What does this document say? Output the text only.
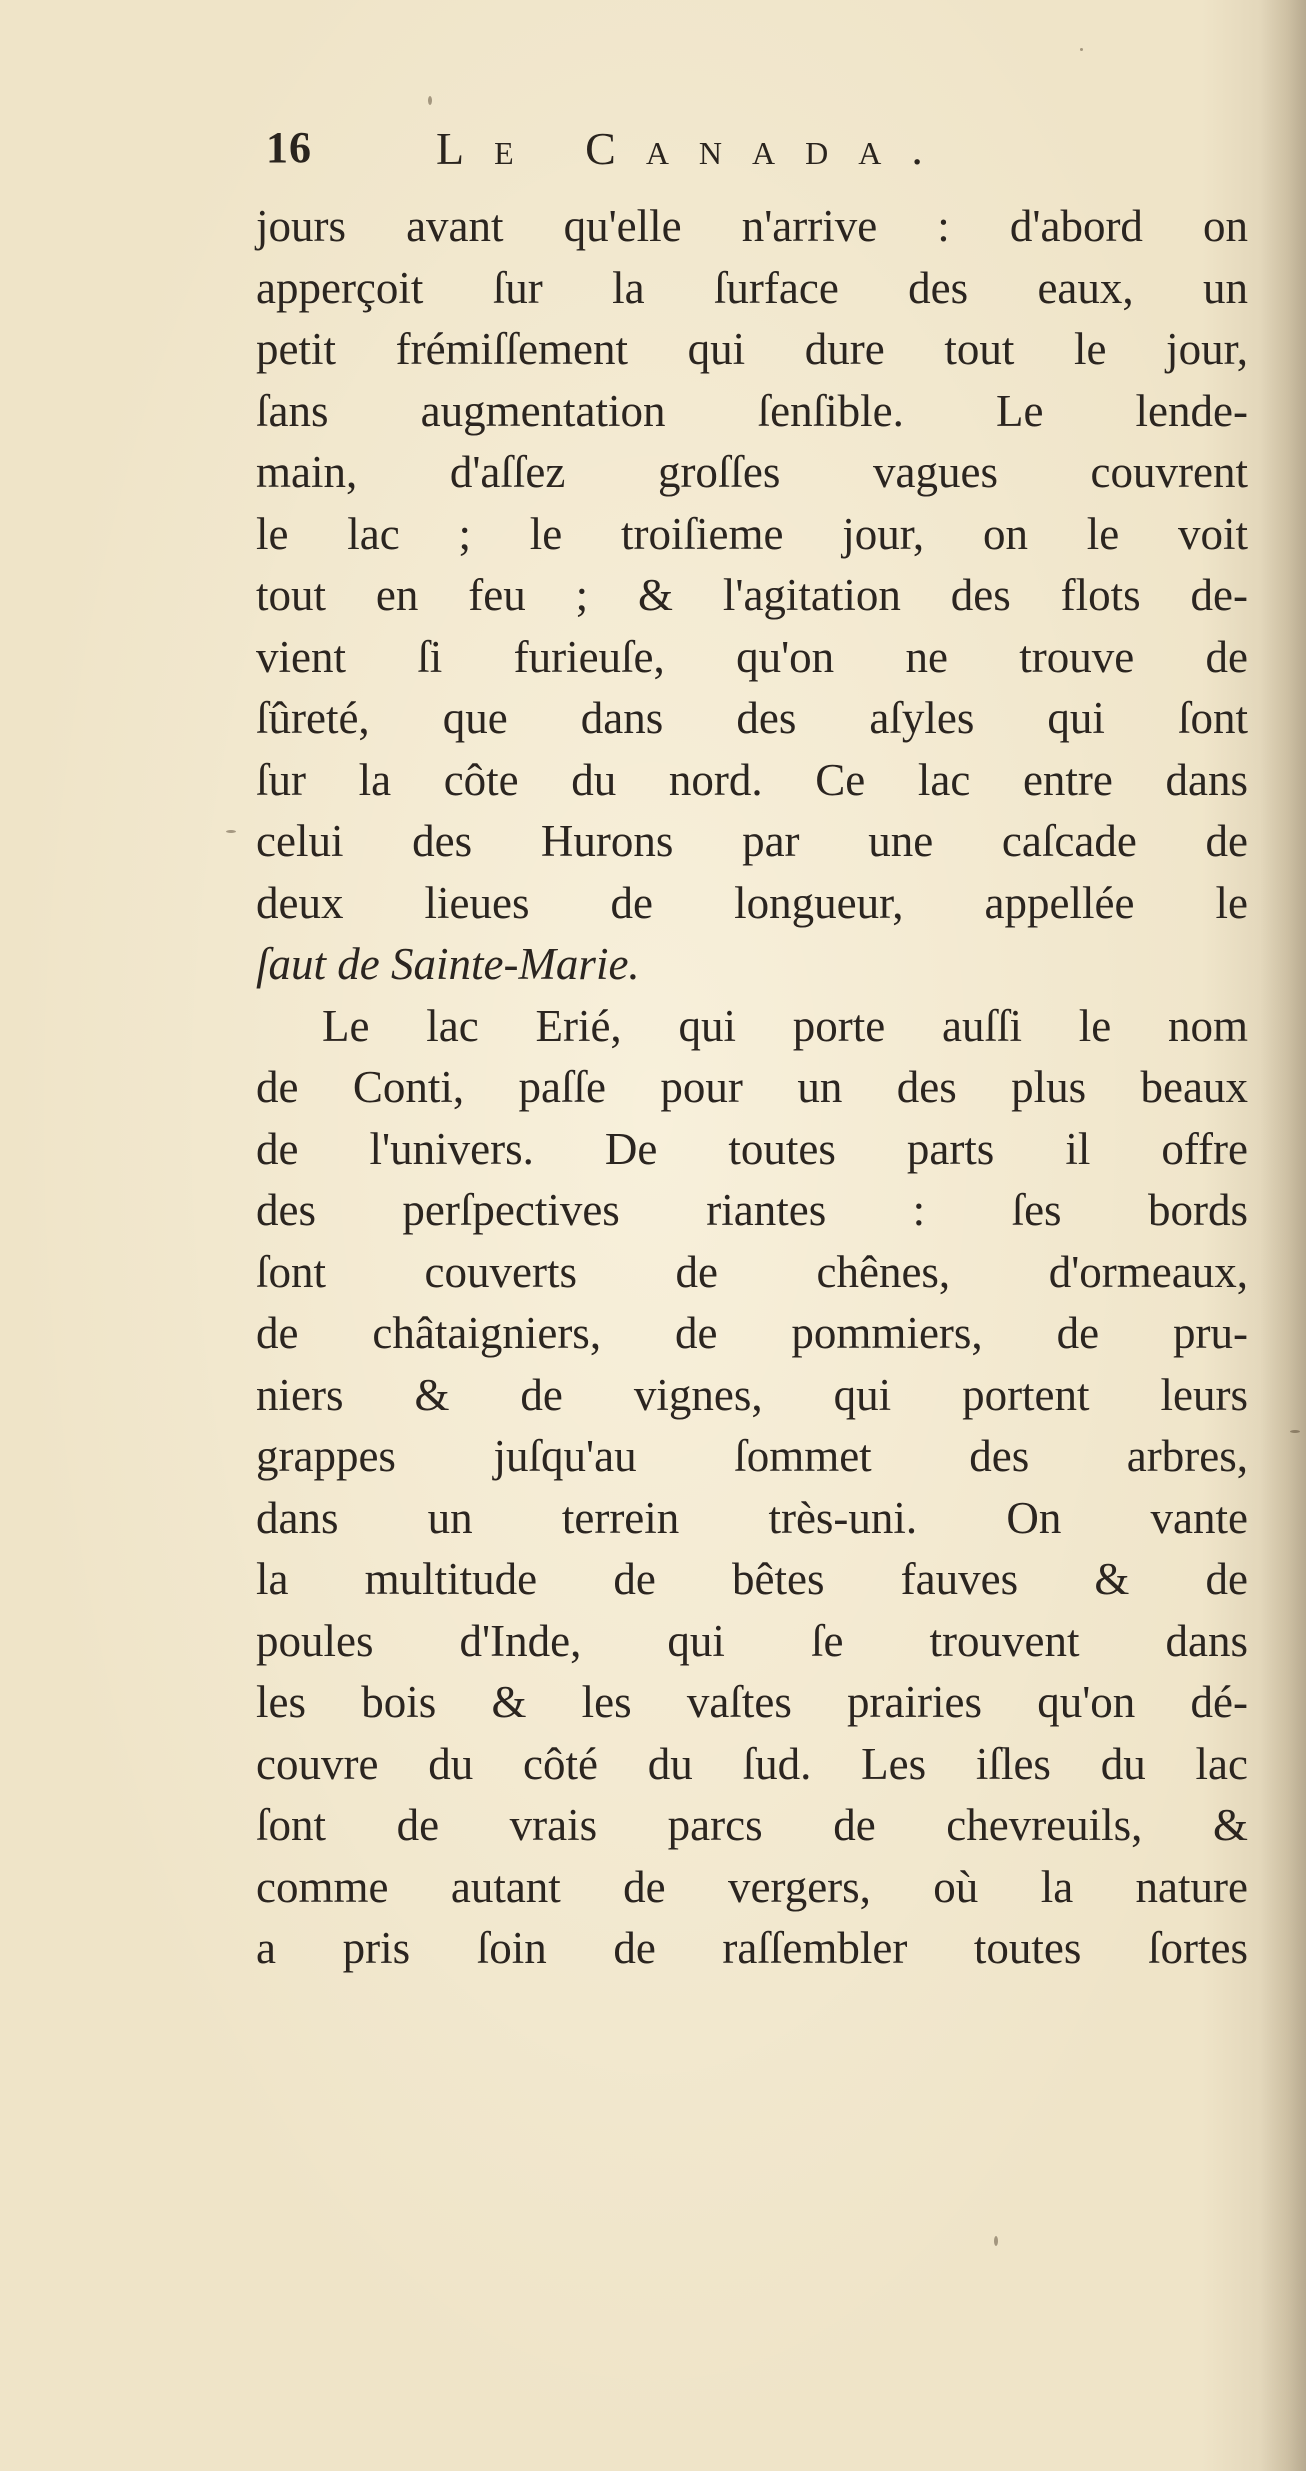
16	Le Canada.
jours avant qu'elle n'arrive : d'abord on
apperçoit ſur la ſurface des eaux, un
petit frémiſſement qui dure tout le jour,
ſans augmentation ſenſible. Le lende-
main, d'aſſez groſſes vagues couvrent
le lac ; le troiſieme jour, on le voit
tout en feu ; & l'agitation des flots de-
vient ſi furieuſe, qu'on ne trouve de
ſûreté, que dans des aſyles qui ſont
ſur la côte du nord. Ce lac entre dans
celui des Hurons par une caſcade de
deux lieues de longueur, appellée le
ſaut de Sainte-Marie.
Le lac Erié, qui porte auſſi le nom
de Conti, paſſe pour un des plus beaux
de l'univers. De toutes parts il offre
des perſpectives riantes : ſes bords
ſont couverts de chênes, d'ormeaux,
de châtaigniers, de pommiers, de pru-
niers & de vignes, qui portent leurs
grappes juſqu'au ſommet des arbres,
dans un terrein très-uni. On vante
la multitude de bêtes fauves & de
poules d'Inde, qui ſe trouvent dans
les bois & les vaſtes prairies qu'on dé-
couvre du côté du ſud. Les iſles du lac
ſont de vrais parcs de chevreuils, &
comme autant de vergers, où la nature
a pris ſoin de raſſembler toutes ſortes
